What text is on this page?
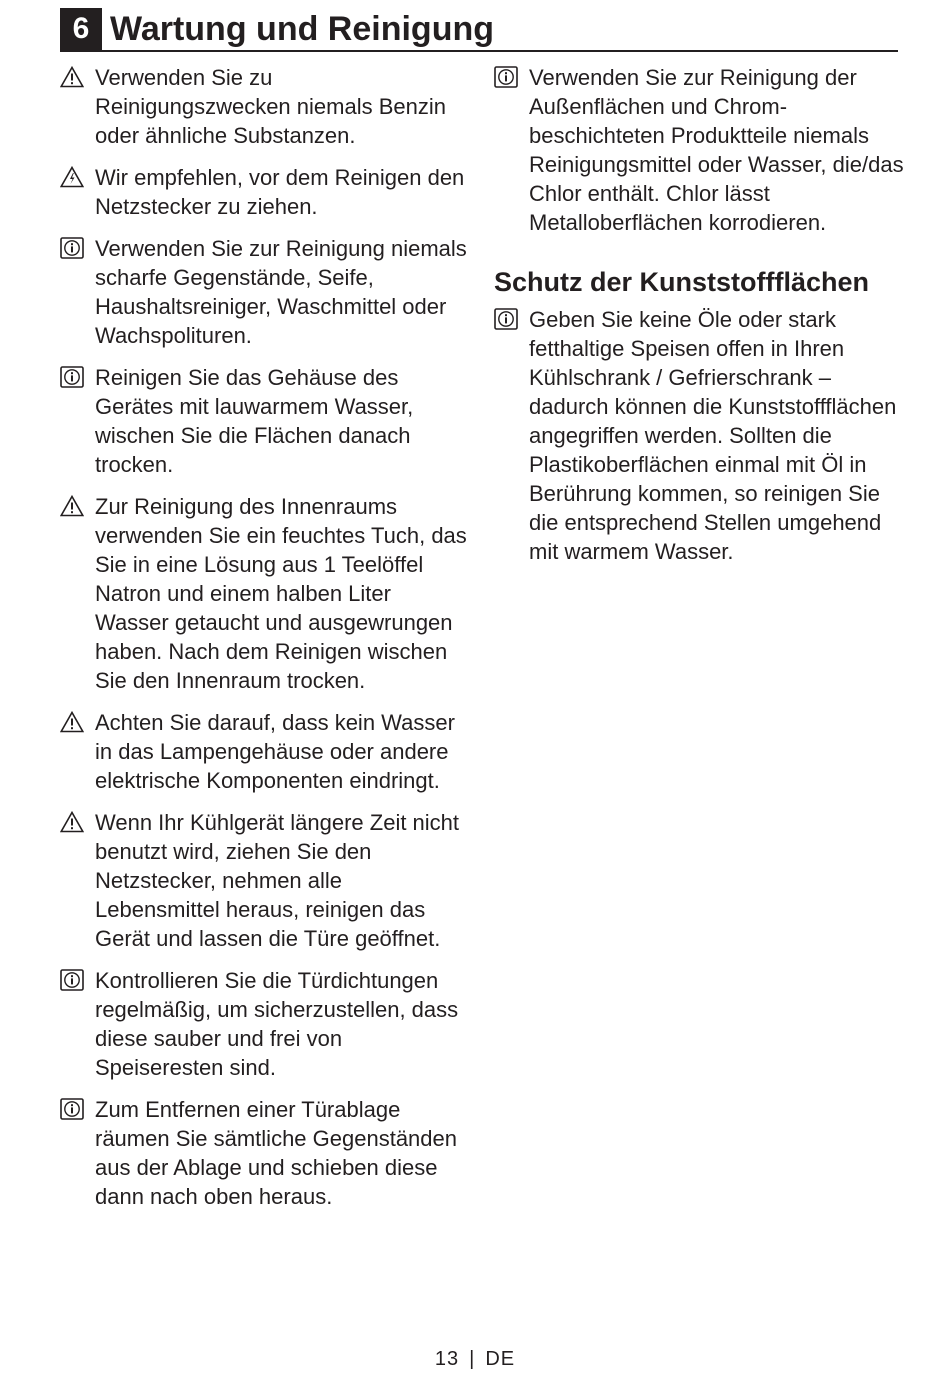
6 Wartung und Reinigung
Verwenden Sie zu Reinigungszwecken niemals Benzin oder ähnliche Substanzen.
Wir empfehlen, vor dem Reinigen den Netzstecker zu ziehen.
Verwenden Sie zur Reinigung niemals scharfe Gegenstände, Seife, Haushaltsreiniger, Waschmittel oder Wachspolituren.
Reinigen Sie das Gehäuse des Gerätes mit lauwarmem Wasser, wischen Sie die Flächen danach trocken.
Zur Reinigung des Innenraums verwenden Sie ein feuchtes Tuch, das Sie in eine Lösung aus 1 Teelöffel Natron und einem halben Liter Wasser getaucht und ausgewrungen haben. Nach dem Reinigen wischen Sie den Innenraum trocken.
Achten Sie darauf, dass kein Wasser in das Lampengehäuse oder andere elektrische Komponenten eindringt.
Wenn Ihr Kühlgerät längere Zeit nicht benutzt wird, ziehen Sie den Netzstecker, nehmen alle Lebensmittel heraus, reinigen das Gerät und lassen die Türe geöffnet.
Kontrollieren Sie die Türdichtungen regelmäßig, um sicherzustellen, dass diese sauber und frei von Speiseresten sind.
Zum Entfernen einer Türablage räumen Sie sämtliche Gegenständen aus der Ablage und schieben diese dann nach oben heraus.
Verwenden Sie zur Reinigung der Außenflächen und Chrom-beschichteten Produktteile niemals Reinigungsmittel oder Wasser, die/das Chlor enthält. Chlor lässt Metalloberflächen korrodieren.
Schutz der Kunststoffflächen
Geben Sie keine Öle oder stark fetthaltige Speisen offen in Ihren Kühlschrank / Gefrierschrank – dadurch können die Kunststoffflächen angegriffen werden. Sollten die Plastikoberflächen einmal mit Öl in Berührung kommen, so reinigen Sie die entsprechend Stellen umgehend mit warmem Wasser.
13 | DE
